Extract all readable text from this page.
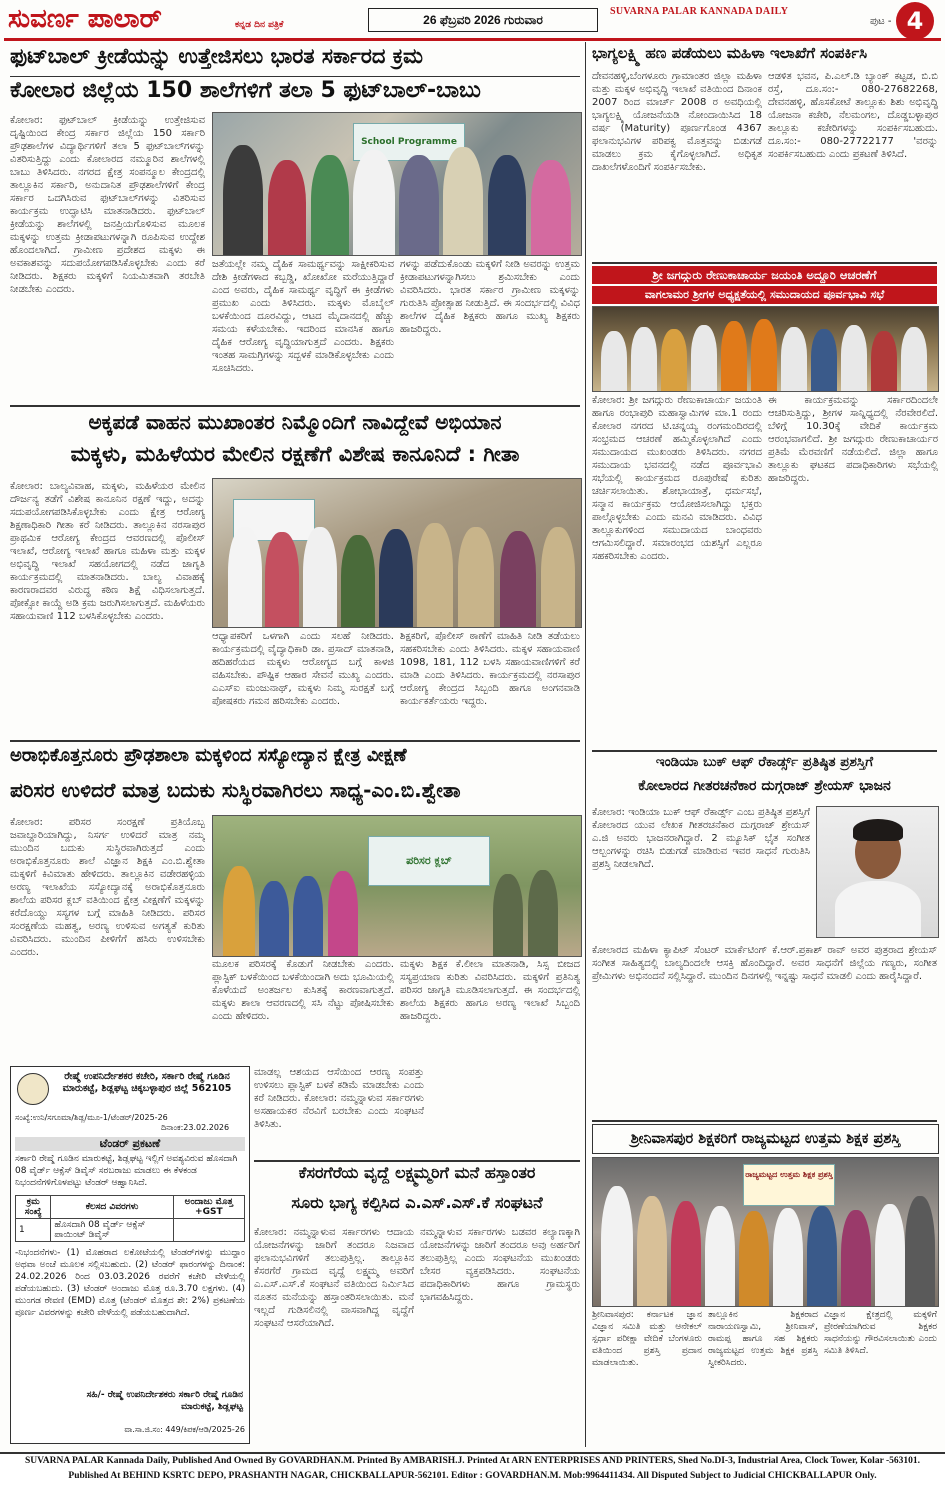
ಸುವರ್ಣ ಪಾಲಾರ್	ಕನ್ನಡ ದಿನ ಪತ್ರಿಕೆ	26 ಫೆಬ್ರವರಿ 2026 ಗುರುವಾರ
SUVARNA PALAR KANNADA DAILY
ಪುಟ - 4
ಫುಟ್‌ಬಾಲ್ ಕ್ರೀಡೆಯನ್ನು ಉತ್ತೇಜಿಸಲು ಭಾರತ ಸರ್ಕಾರದ ಕ್ರಮ
ಕೋಲಾರ ಜಿಲ್ಲೆಯ 150 ಶಾಲೆಗಳಿಗೆ ತಲಾ 5 ಫುಟ್‌ಬಾಲ್-ಬಾಬು
ಕೋಲಾರ: ಫುಟ್‌ಬಾಲ್ ಕ್ರೀಡೆಯನ್ನು ಉತ್ತೇಜಿಸುವ ದೃಷ್ಟಿಯಿಂದ ಕೇಂದ್ರ ಸರ್ಕಾರ ಜಿಲ್ಲೆಯ 150 ಸರ್ಕಾರಿ ಪ್ರೌಢಶಾಲೆಗಳ ವಿದ್ಯಾರ್ಥಿಗಳಿಗೆ ತಲಾ 5 ಫುಟ್‌ಬಾಲ್‌ಗಳನ್ನು ವಿತರಿಸುತ್ತಿದ್ದು ಎಂದು ಕೋಲಾರದ ನಮ್ಮೂರಿನ ಶಾಲೆಗಳಲ್ಲಿ ಬಾಬು ತಿಳಿಸಿದರು. ನಗರದ ಕ್ಷೇತ್ರ ಸಂಪನ್ಮೂಲ ಕೇಂದ್ರದಲ್ಲಿ ತಾಲ್ಲೂಕಿನ ಸರ್ಕಾರಿ, ಅನುದಾನಿತ ಪ್ರೌಢಶಾಲೆಗಳಿಗೆ ಕೇಂದ್ರ ಸರ್ಕಾರ ಒದಗಿಸಿರುವ ಫುಟ್‌ಬಾಲ್‌ಗಳನ್ನು ವಿತರಿಸುವ ಕಾರ್ಯಕ್ರಮ ಉದ್ಘಾಟಿಸಿ ಮಾತನಾಡಿದರು. ಫುಟ್‌ಬಾಲ್ ಕ್ರೀಡೆಯನ್ನು ಶಾಲೆಗಳಲ್ಲಿ ಜನಪ್ರಿಯಗೊಳಿಸುವ ಮೂಲಕ ಮಕ್ಕಳನ್ನು ಉತ್ತಮ ಕ್ರೀಡಾಪಟುಗಳನ್ನಾಗಿ ರೂಪಿಸುವ ಉದ್ದೇಶ ಹೊಂದಲಾಗಿದೆ. ಗ್ರಾಮೀಣ ಪ್ರದೇಶದ ಮಕ್ಕಳು ಈ ಅವಕಾಶವನ್ನು ಸದುಪಯೋಗಪಡಿಸಿಕೊಳ್ಳಬೇಕು ಎಂದು ಕರೆ ನೀಡಿದರು. ಶಿಕ್ಷಕರು ಮಕ್ಕಳಿಗೆ ನಿಯಮಿತವಾಗಿ ತರಬೇತಿ ನೀಡಬೇಕು ಎಂದರು.
School Programme
ಜತೆಯಲ್ಲೇ ನಮ್ಮ ದೈಹಿಕ ಸಾಮರ್ಥ್ಯವನ್ನು ಸಾಕ್ಷೀಕರಿಸುವ ದೇಶಿ ಕ್ರೀಡೆಗಳಾದ ಕಬ್ಬಡ್ಡಿ, ಖೋಖೋ ಮರೆಯುತ್ತಿದ್ದಾರೆ ಎಂದ ಅವರು, ದೈಹಿಕ ಸಾಮರ್ಥ್ಯ ವೃದ್ಧಿಗೆ ಈ ಕ್ರೀಡೆಗಳು ಪ್ರಮುಖ ಎಂದು ತಿಳಿಸಿದರು. ಮಕ್ಕಳು ಮೊಬೈಲ್ ಬಳಕೆಯಿಂದ ದೂರವಿದ್ದು, ಆಟದ ಮೈದಾನದಲ್ಲಿ ಹೆಚ್ಚು ಸಮಯ ಕಳೆಯಬೇಕು. ಇದರಿಂದ ಮಾನಸಿಕ ಹಾಗೂ ದೈಹಿಕ ಆರೋಗ್ಯ ವೃದ್ಧಿಯಾಗುತ್ತದೆ ಎಂದರು. ಶಿಕ್ಷಕರು ಇಂತಹ ಸಾಮಗ್ರಿಗಳನ್ನು ಸದ್ಬಳಕೆ ಮಾಡಿಕೊಳ್ಳಬೇಕು ಎಂದು ಸೂಚಿಸಿದರು.
ಗಳನ್ನು ಪಡೆದುಕೊಂಡು ಮಕ್ಕಳಿಗೆ ನೀಡಿ ಅವರನ್ನು ಉತ್ತಮ ಕ್ರೀಡಾಪಟುಗಳನ್ನಾಗಿಸಲು ಶ್ರಮಿಸಬೇಕು ಎಂದು ವಿವರಿಸಿದರು. ಭಾರತ ಸರ್ಕಾರ ಗ್ರಾಮೀಣ ಮಕ್ಕಳನ್ನು ಗುರುತಿಸಿ ಪ್ರೋತ್ಸಾಹ ನೀಡುತ್ತಿದೆ. ಈ ಸಂದರ್ಭದಲ್ಲಿ ವಿವಿಧ ಶಾಲೆಗಳ ದೈಹಿಕ ಶಿಕ್ಷಕರು ಹಾಗೂ ಮುಖ್ಯ ಶಿಕ್ಷಕರು ಹಾಜರಿದ್ದರು.
ಅಕ್ಕಪಡೆ ವಾಹನ ಮುಖಾಂತರ ನಿಮ್ಮೊಂದಿಗೆ ನಾವಿದ್ದೇವೆ ಅಭಿಯಾನ
ಮಕ್ಕಳು, ಮಹಿಳೆಯರ ಮೇಲಿನ ರಕ್ಷಣೆಗೆ ವಿಶೇಷ ಕಾನೂನಿದೆ : ಗೀತಾ
ಕೋಲಾರ: ಬಾಲ್ಯವಿವಾಹ, ಮಕ್ಕಳು, ಮಹಿಳೆಯರ ಮೇಲಿನ ದೌರ್ಜನ್ಯ ತಡೆಗೆ ವಿಶೇಷ ಕಾನೂನಿನ ರಕ್ಷಣೆ ಇದ್ದು, ಅದನ್ನು ಸದುಪಯೋಗಪಡಿಸಿಕೊಳ್ಳಬೇಕು ಎಂದು ಕ್ಷೇತ್ರ ಆರೋಗ್ಯ ಶಿಕ್ಷಣಾಧಿಕಾರಿ ಗೀತಾ ಕರೆ ನೀಡಿದರು. ತಾಲ್ಲೂಕಿನ ನರಸಾಪುರ ಪ್ರಾಥಮಿಕ ಆರೋಗ್ಯ ಕೇಂದ್ರದ ಆವರಣದಲ್ಲಿ ಪೊಲೀಸ್ ಇಲಾಖೆ, ಆರೋಗ್ಯ ಇಲಾಖೆ ಹಾಗೂ ಮಹಿಳಾ ಮತ್ತು ಮಕ್ಕಳ ಅಭಿವೃದ್ಧಿ ಇಲಾಖೆ ಸಹಯೋಗದಲ್ಲಿ ನಡೆದ ಜಾಗೃತಿ ಕಾರ್ಯಕ್ರಮದಲ್ಲಿ ಮಾತನಾಡಿದರು. ಬಾಲ್ಯ ವಿವಾಹಕ್ಕೆ ಕಾರಣರಾದವರ ವಿರುದ್ಧ ಕಠಿಣ ಶಿಕ್ಷೆ ವಿಧಿಸಲಾಗುತ್ತದೆ. ಪೋಕ್ಸೋ ಕಾಯ್ದೆ ಅಡಿ ಕ್ರಮ ಜರುಗಿಸಲಾಗುತ್ತದೆ. ಮಹಿಳೆಯರು ಸಹಾಯವಾಣಿ 112 ಬಳಸಿಕೊಳ್ಳಬೇಕು ಎಂದರು.
ಆಧ್ಯಾಪಕರಿಗೆ ಒಳಗಾಗಿ ಎಂದು ಸಲಹೆ ನೀಡಿದರು. ಕಾರ್ಯಕ್ರಮದಲ್ಲಿ ವೈದ್ಯಾಧಿಕಾರಿ ಡಾ. ಪ್ರಸಾದ್ ಮಾತನಾಡಿ, ಹದಿಹರೆಯದ ಮಕ್ಕಳು ಆರೋಗ್ಯದ ಬಗ್ಗೆ ಕಾಳಜಿ ವಹಿಸಬೇಕು. ಪೌಷ್ಟಿಕ ಆಹಾರ ಸೇವನೆ ಮುಖ್ಯ ಎಂದರು. ಎಎಸ್‌ಐ ಮಂಜುನಾಥ್, ಮಕ್ಕಳು ನಿಮ್ಮ ಸುರಕ್ಷತೆ ಬಗ್ಗೆ ಪೋಷಕರು ಗಮನ ಹರಿಸಬೇಕು ಎಂದರು.
ಶಿಕ್ಷಕರಿಗೆ, ಪೊಲೀಸ್ ಠಾಣೆಗೆ ಮಾಹಿತಿ ನೀಡಿ ತಡೆಯಲು ಸಹಕರಿಸಬೇಕು ಎಂದು ತಿಳಿಸಿದರು. ಮಕ್ಕಳ ಸಹಾಯವಾಣಿ 1098, 181, 112 ಬಳಸಿ ಸಹಾಯವಾಣಿಗಳಿಗೆ ಕರೆ ಮಾಡಿ ಎಂದು ತಿಳಿಸಿದರು. ಕಾರ್ಯಕ್ರಮದಲ್ಲಿ ನರಸಾಪುರ ಆರೋಗ್ಯ ಕೇಂದ್ರದ ಸಿಬ್ಬಂದಿ ಹಾಗೂ ಅಂಗನವಾಡಿ ಕಾರ್ಯಕರ್ತೆಯರು ಇದ್ದರು.
ಅರಾಭಿಕೊತ್ತನೂರು ಪ್ರೌಢಶಾಲಾ ಮಕ್ಕಳಿಂದ ಸಸ್ಯೋದ್ಯಾನ ಕ್ಷೇತ್ರ ವೀಕ್ಷಣೆ
ಪರಿಸರ ಉಳಿದರೆ ಮಾತ್ರ ಬದುಕು ಸುಸ್ಥಿರವಾಗಿರಲು ಸಾಧ್ಯ-ಎಂ.ಬಿ.ಶ್ವೇತಾ
ಕೋಲಾರ: ಪರಿಸರ ಸಂರಕ್ಷಣೆ ಪ್ರತಿಯೊಬ್ಬ ಜವಾಬ್ದಾರಿಯಾಗಿದ್ದು, ನಿಸರ್ಗ ಉಳಿದರೆ ಮಾತ್ರ ನಮ್ಮ ಮುಂದಿನ ಬದುಕು ಸುಸ್ಥಿರವಾಗಿರುತ್ತದೆ ಎಂದು ಅರಾಭಿಕೊತ್ತನೂರು ಶಾಲೆ ವಿಜ್ಞಾನ ಶಿಕ್ಷಕಿ ಎಂ.ಬಿ.ಶ್ವೇತಾ ಮಕ್ಕಳಿಗೆ ಕಿವಿಮಾತು ಹೇಳಿದರು. ತಾಲ್ಲೂಕಿನ ವಡೇರಹಳ್ಳಿಯ ಅರಣ್ಯ ಇಲಾಖೆಯ ಸಸ್ಯೋದ್ಯಾನಕ್ಕೆ ಅರಾಭಿಕೊತ್ತನೂರು ಶಾಲೆಯ ಪರಿಸರ ಕ್ಲಬ್ ವತಿಯಿಂದ ಕ್ಷೇತ್ರ ವೀಕ್ಷಣೆಗೆ ಮಕ್ಕಳನ್ನು ಕರೆದೊಯ್ದು ಸಸ್ಯಗಳ ಬಗ್ಗೆ ಮಾಹಿತಿ ನೀಡಿದರು. ಪರಿಸರ ಸಂರಕ್ಷಣೆಯ ಮಹತ್ವ, ಅರಣ್ಯ ಉಳಿಸುವ ಅಗತ್ಯತೆ ಕುರಿತು ವಿವರಿಸಿದರು. ಮುಂದಿನ ಪೀಳಿಗೆಗೆ ಹಸಿರು ಉಳಿಸಬೇಕು ಎಂದರು.
ಪರಿಸರ ಕ್ಲಬ್
ಮೂಲಕ ಪರಿಸರಕ್ಕೆ ಕೊಡುಗೆ ನೀಡಬೇಕು ಎಂದರು. ಪ್ಲಾಸ್ಟಿಕ್ ಬಳಕೆಯಿಂದ ಬಳಕೆಯಿಂದಾಗಿ ಅದು ಭೂಮಿಯಲ್ಲಿ ಕೊಳೆಯದೆ ಅಂತರ್ಜಲ ಕುಸಿತಕ್ಕೆ ಕಾರಣವಾಗುತ್ತದೆ. ಮಕ್ಕಳು ಶಾಲಾ ಆವರಣದಲ್ಲಿ ಸಸಿ ನೆಟ್ಟು ಪೋಷಿಸಬೇಕು ಎಂದು ಹೇಳಿದರು.
ಮಕ್ಕಳು ಶಿಕ್ಷಕ ಕೆ.ಲೀಲಾ ಮಾತನಾಡಿ, ಸಿಸ್ಸ ಬೀಜದ ಸಸ್ಯಪ್ರಯಾಣ ಕುರಿತು ವಿವರಿಸಿದರು. ಮಕ್ಕಳಿಗೆ ಪ್ರತಿನಿತ್ಯ ಪರಿಸರ ಜಾಗೃತಿ ಮೂಡಿಸಲಾಗುತ್ತದೆ. ಈ ಸಂದರ್ಭದಲ್ಲಿ ಶಾಲೆಯ ಶಿಕ್ಷಕರು ಹಾಗೂ ಅರಣ್ಯ ಇಲಾಖೆ ಸಿಬ್ಬಂದಿ ಹಾಜರಿದ್ದರು.
ರೇಷ್ಮೆ ಉಪನಿರ್ದೇಶಕರ ಕಚೇರಿ, ಸರ್ಕಾರಿ ರೇಷ್ಮೆ ಗೂಡಿನ ಮಾರುಕಟ್ಟೆ, ಶಿಡ್ಲಘಟ್ಟ ಚಿಕ್ಕಬಳ್ಳಾಪುರ ಜಿಲ್ಲೆ 562105
ಸಂಖ್ಯೆ:ಉನಿ/ಸಗೂಮಾ/ಶಿಡ್ಲ/ಮೂ-1/ಟೆಂಡ‌ರ್/2025-26
ದಿನಾಂಕ:23.02.2026
ಟೆಂಡರ್ ಪ್ರಕಟಣೆ
ಸರ್ಕಾರಿ ರೇಷ್ಮೆ ಗೂಡಿನ ಮಾರುಕಟ್ಟೆ, ಶಿಡ್ಲಘಟ್ಟ ಇಲ್ಲಿಗೆ ಅವಶ್ಯವಿರುವ ಹೊಸದಾಗಿ 08 ವೈರ್ಡ್ ಆಕ್ಸೆಸ್ ಡಿವೈಸ್ ಸರಬರಾಜು ಮಾಡಲು ಈ ಕೆಳಕಂಡ ನಿಭಂದನೆಗಳಿಗೊಳಪಟ್ಟು ಟೆಂಡರ್ ಆಹ್ವಾನಿಸಿದೆ.
ಕ್ರಮ ಸಂಖ್ಯೆ	ಕೆಲಸದ ವಿವರಗಳು	ಅಂದಾಜು ಮೊತ್ತ +GST
1	ಹೊಸದಾಗಿ 08 ವೈರ್ಡ್ ಆಕ್ಸೆಸ್ ಪಾಯಿಂಟ್ ಡಿವೈಸ್	
-ನಿಭಂದನೆಗಳು- (1) ಮೊಹರಾದ ಲಕೋಟೆಯಲ್ಲಿ ಟೆಂಡರ್‌ಗಳನ್ನು ಮುದ್ದಾಂ ಅಥವಾ ಅಂಚೆ ಮೂಲಕ ಸಲ್ಲಿಸಬಹುದು. (2) ಟೆಂಡರ್ ಫಾರಂಗಳನ್ನು ದಿನಾಂಕ: 24.02.2026 ರಿಂದ 03.03.2026 ರವರೆಗೆ ಕಚೇರಿ ವೇಳೆಯಲ್ಲಿ ಪಡೆಯಬಹುದು. (3) ಟೆಂಡರ್ ಅಂದಾಜು ಮೊತ್ತ ರೂ.3.70 ಲಕ್ಷಗಳು. (4) ಮುಂಗಡ ಠೇವಣಿ (EMD) ಮೊತ್ತ (ಟೆಂಡರ್ ಮೊತ್ತದ ಶೇ: 2%) ಪ್ರಕಟಣೆಯ ಪೂರ್ಣ ವಿವರಗಳನ್ನು ಕಚೇರಿ ವೇಳೆಯಲ್ಲಿ ಪಡೆಯಬಹುದಾಗಿದೆ.
ಸಹಿ/- ರೇಷ್ಮೆ ಉಪನಿರ್ದೇಶಕರು ಸರ್ಕಾರಿ ರೇಷ್ಮೆ ಗೂಡಿನ ಮಾರುಕಟ್ಟೆ, ಶಿಡ್ಲಘಟ್ಟ
ವಾ.ಸಾ.ಜಿ.ಸಂ: 449/ಕಿಪಕ/ಆಡಿ/2025-26
ಮಾಡಲ್ಲ ಆಶಯದ ಆಸೆಯಿಂದ ಆರಣ್ಯ ಸಂಪತ್ತು ಉಳಿಸಲು ಪ್ಲಾಸ್ಟಿಕ್ ಬಳಕೆ ಕಡಿಮೆ ಮಾಡಬೇಕು ಎಂದು ಕರೆ ನೀಡಿದರು. ಕೋಲಾರ: ನಮ್ಮನ್ನಾಳುವ ಸರ್ಕಾರಗಳು ಅಸಹಾಯಕರ ನೆರವಿಗೆ ಬರಬೇಕು ಎಂದು ಸಂಘಟನೆ ತಿಳಿಸಿತು.
ಕೆಸರಗೆರೆಯ ವೃದ್ದೆ ಲಕ್ಷ್ಮಮ್ಮರಿಗೆ ಮನೆ ಹಸ್ತಾಂತರ
ಸೂರು ಭಾಗ್ಯ ಕಲ್ಪಿಸಿದ ಎ.ಎಸ್.ಎಸ್.ಕೆ ಸಂಘಟನೆ
ಕೋಲಾರ: ನಮ್ಮನ್ನಾಳುವ ಸರ್ಕಾರಗಳು ಆದಾಯ ಯೋಜನೆಗಳನ್ನು ಜಾರಿಗೆ ತಂದರೂ ನಿಜವಾದ ಫಲಾನುಭವಿಗಳಿಗೆ ತಲುಪುತ್ತಿಲ್ಲ. ತಾಲ್ಲೂಕಿನ ಕೆಸರಗೆರೆ ಗ್ರಾಮದ ವೃದ್ದೆ ಲಕ್ಷ್ಮಮ್ಮ ಅವರಿಗೆ ಎ.ಎಸ್.ಎಸ್.ಕೆ ಸಂಘಟನೆ ವತಿಯಿಂದ ನಿರ್ಮಿಸಿದ ನೂತನ ಮನೆಯನ್ನು ಹಸ್ತಾಂತರಿಸಲಾಯಿತು. ಮನೆ ಇಲ್ಲದೆ ಗುಡಿಸಲಿನಲ್ಲಿ ವಾಸವಾಗಿದ್ದ ವೃದ್ದೆಗೆ ಸಂಘಟನೆ ಆಸರೆಯಾಗಿದೆ.
ನಮ್ಮನ್ನಾಳುವ ಸರ್ಕಾರಗಳು ಬಡವರ ಕಲ್ಯಾಣಕ್ಕಾಗಿ ಯೋಜನೆಗಳನ್ನು ಜಾರಿಗೆ ತಂದರೂ ಅವು ಅರ್ಹರಿಗೆ ತಲುಪುತ್ತಿಲ್ಲ ಎಂದು ಸಂಘಟನೆಯ ಮುಖಂಡರು ಬೇಸರ ವ್ಯಕ್ತಪಡಿಸಿದರು. ಸಂಘಟನೆಯ ಪದಾಧಿಕಾರಿಗಳು ಹಾಗೂ ಗ್ರಾಮಸ್ಥರು ಭಾಗವಹಿಸಿದ್ದರು.
ಭಾಗ್ಯಲಕ್ಷ್ಮಿ ಹಣ ಪಡೆಯಲು ಮಹಿಳಾ ಇಲಾಖೆಗೆ ಸಂಪರ್ಕಿಸಿ
ದೇವನಹಳ್ಳಿ,ಬೆಂಗಳೂರು ಗ್ರಾಮಾಂತರ ಜಿಲ್ಲಾ ಮಹಿಳಾ ಮತ್ತು ಮಕ್ಕಳ ಅಭಿವೃದ್ಧಿ ಇಲಾಖೆ ವತಿಯಿಂದ ದಿನಾಂಕ 2007 ರಿಂದ ಮಾರ್ಚ್ 2008 ರ ಅವಧಿಯಲ್ಲಿ ಭಾಗ್ಯಲಕ್ಷ್ಮಿ ಯೋಜನೆಯಡಿ ನೋಂದಾಯಿಸಿದ 18 ವರ್ಷ (Maturity) ಪೂರ್ಣಗೊಂಡ 4367 ಫಲಾನುಭವಿಗಳ ಪರಿಪಕ್ವ ಮೊತ್ತವನ್ನು ಬಿಡುಗಡೆ ಮಾಡಲು ಕ್ರಮ ಕೈಗೊಳ್ಳಲಾಗಿದೆ. ಅಧಿಕೃತ ದಾಖಲೆಗಳೊಂದಿಗೆ ಸಂಪರ್ಕಿಸಬೇಕು.
ಆಡಳಿತ ಭವನ, ಪಿ.ಎಲ್.ಡಿ ಬ್ಯಾಂಕ್ ಕಟ್ಟಡ, ಬಿ.ಬಿ ರಸ್ತೆ, ದೂ.ಸಂ:- 080-27682268, ದೇವನಹಳ್ಳಿ, ಹೊಸಕೋಟೆ ತಾಲ್ಲೂಕು ಶಿಶು ಅಭಿವೃದ್ಧಿ ಯೋಜನಾ ಕಚೇರಿ, ನೆಲಮಂಗಲ, ದೊಡ್ಡಬಳ್ಳಾಪುರ ತಾಲ್ಲೂಕು ಕಚೇರಿಗಳನ್ನು ಸಂಪರ್ಕಿಸಬಹುದು. ದೂ.ಸಂ:- 080-27722177 'ವರನ್ನು ಸಂಪರ್ಕಿಸಬಹುದು ಎಂದು ಪ್ರಕಟಣೆ ತಿಳಿಸಿದೆ.
ಶ್ರೀ ಜಗದ್ಗುರು ರೇಣುಕಾಚಾರ್ಯ ಜಯಂತಿ ಅದ್ದೂರಿ ಆಚರಣೆಗೆ
ವಾಗಲಾಮರ ಶ್ರೀಗಳ ಅಧ್ಯಕ್ಷತೆಯಲ್ಲಿ ಸಮುದಾಯದ ಪೂರ್ವಭಾವಿ ಸಭೆ
ಕೋಲಾರ: ಶ್ರೀ ಜಗದ್ಗುರು ರೇಣುಕಾಚಾರ್ಯ ಜಯಂತಿ ಹಾಗೂ ರಂಭಾಪುರಿ ಮಹಾಸ್ವಾಮಿಗಳ ಮಾ.1 ರಂದು ಕೋಲಾರ ನಗರದ ಟಿ.ಚನ್ನಯ್ಯ ರಂಗಮಂದಿರದಲ್ಲಿ ಸಂಭ್ರಮದ ಆಚರಣೆ ಹಮ್ಮಿಕೊಳ್ಳಲಾಗಿದೆ ಎಂದು ಸಮುದಾಯದ ಮುಖಂಡರು ತಿಳಿಸಿದರು. ನಗರದ ಸಮುದಾಯ ಭವನದಲ್ಲಿ ನಡೆದ ಪೂರ್ವಭಾವಿ ಸಭೆಯಲ್ಲಿ ಕಾರ್ಯಕ್ರಮದ ರೂಪುರೇಷೆ ಕುರಿತು ಚರ್ಚಿಸಲಾಯಿತು. ಶೋಭಾಯಾತ್ರೆ, ಧರ್ಮಸಭೆ, ಸನ್ಮಾನ ಕಾರ್ಯಕ್ರಮ ಆಯೋಜಿಸಲಾಗಿದ್ದು ಭಕ್ತರು ಪಾಲ್ಗೊಳ್ಳಬೇಕು ಎಂದು ಮನವಿ ಮಾಡಿದರು. ವಿವಿಧ ತಾಲ್ಲೂಕುಗಳಿಂದ ಸಮುದಾಯದ ಬಾಂಧವರು ಆಗಮಿಸಲಿದ್ದಾರೆ. ಸಮಾರಂಭದ ಯಶಸ್ಸಿಗೆ ಎಲ್ಲರೂ ಸಹಕರಿಸಬೇಕು ಎಂದರು.
ಈ ಕಾರ್ಯಕ್ರಮವನ್ನು ಸರ್ಕಾರದಿಂದಲೇ ಆಚರಿಸುತ್ತಿದ್ದು, ಶ್ರೀಗಳ ಸಾನ್ನಿಧ್ಯದಲ್ಲಿ ನೆರವೇರಲಿದೆ. ಬೆಳಿಗ್ಗೆ 10.30ಕ್ಕೆ ವೇದಿಕೆ ಕಾರ್ಯಕ್ರಮ ಆರಂಭವಾಗಲಿದೆ. ಶ್ರೀ ಜಗದ್ಗುರು ರೇಣುಕಾಚಾರ್ಯರ ಪ್ರತಿಮೆ ಮೆರವಣಿಗೆ ನಡೆಯಲಿದೆ. ಜಿಲ್ಲಾ ಹಾಗೂ ತಾಲ್ಲೂಕು ಘಟಕದ ಪದಾಧಿಕಾರಿಗಳು ಸಭೆಯಲ್ಲಿ ಹಾಜರಿದ್ದರು.
ಇಂಡಿಯಾ ಬುಕ್ ಆಫ್ ರೆಕಾರ್ಡ್ಸ್ ಪ್ರತಿಷ್ಠಿತ ಪ್ರಶಸ್ತಿಗೆ
ಕೋಲಾರದ ಗೀತರಚನೆಕಾರ ದುಗ್ಗರಾಜ್ ಶ್ರೇಯಸ್ ಭಾಜನ
ಕೋಲಾರ: ಇಂಡಿಯಾ ಬುಕ್ ಆಫ್ ರೆಕಾರ್ಡ್ಸ್ ಎಂಬ ಪ್ರತಿಷ್ಠಿತ ಪ್ರಶಸ್ತಿಗೆ ಕೋಲಾರದ ಯುವ ಲೇಖಕ ಗೀತರಚನೆಕಾರ ದುಗ್ಗರಾಜ್ ಶ್ರೇಯಸ್ ಎ.ಜಿ ಅವರು ಭಾಜನರಾಗಿದ್ದಾರೆ. 2 ಮ್ಯೂಸಿಕ್ ಭೈತ ಸಂಗೀತ ಆಲ್ಬಂಗಳನ್ನು ರಚಿಸಿ ಬಿಡುಗಡೆ ಮಾಡಿರುವ ಇವರ ಸಾಧನೆ ಗುರುತಿಸಿ ಪ್ರಶಸ್ತಿ ನೀಡಲಾಗಿದೆ.
ಕೋಲಾರದ ಮಹಿಳಾ ಕ್ಯಾಪಿಟ್ ಸೆಂಟರ್ ಮಾರ್ಕೆಟಿಂಗ್ ಕೆ.ಆರ್.ಪ್ರಕಾಶ್ ರಾವ್ ಅವರ ಪುತ್ರರಾದ ಶ್ರೇಯಸ್ ಸಂಗೀತ ಸಾಹಿತ್ಯದಲ್ಲಿ ಬಾಲ್ಯದಿಂದಲೇ ಆಸಕ್ತಿ ಹೊಂದಿದ್ದಾರೆ. ಅವರ ಸಾಧನೆಗೆ ಜಿಲ್ಲೆಯ ಗಣ್ಯರು, ಸಂಗೀತ ಪ್ರೇಮಿಗಳು ಅಭಿನಂದನೆ ಸಲ್ಲಿಸಿದ್ದಾರೆ. ಮುಂದಿನ ದಿನಗಳಲ್ಲಿ ಇನ್ನಷ್ಟು ಸಾಧನೆ ಮಾಡಲಿ ಎಂದು ಹಾರೈಸಿದ್ದಾರೆ.
ಶ್ರೀನಿವಾಸಪುರ ಶಿಕ್ಷಕರಿಗೆ ರಾಜ್ಯಮಟ್ಟದ ಉತ್ತಮ ಶಿಕ್ಷಕ ಪ್ರಶಸ್ತಿ
ರಾಜ್ಯಮಟ್ಟದ ಉತ್ತಮ ಶಿಕ್ಷಕ ಪ್ರಶಸ್ತಿ
ಶ್ರೀನಿವಾಸಪುರ: ಕರ್ನಾಟಕ ಜ್ಞಾನ ವಿಜ್ಞಾನ ಸಮಿತಿ ಮತ್ತು ಆನೇಕಲ್ ಸ್ಪರ್ಧಾ ಪರೀಕ್ಷಾ ವೇದಿಕೆ ಬೆಂಗಳೂರು ವತಿಯಿಂದ ಪ್ರಶಸ್ತಿ ಪ್ರದಾನ ಮಾಡಲಾಯಿತು.
ತಾಲ್ಲೂಕಿನ ಶಿಕ್ಷಕರಾದ ನಾರಾಯಣಸ್ವಾಮಿ, ಶ್ರೀನಿವಾಸ್, ರಾಮಪ್ಪ ಹಾಗೂ ಸಹ ಶಿಕ್ಷಕರು ರಾಜ್ಯಮಟ್ಟದ ಉತ್ತಮ ಶಿಕ್ಷಕ ಪ್ರಶಸ್ತಿ ಸ್ವೀಕರಿಸಿದರು.
ವಿಜ್ಞಾನ ಕ್ಷೇತ್ರದಲ್ಲಿ ಮಕ್ಕಳಿಗೆ ಪ್ರೇರಣೆಯಾಗಿರುವ ಶಿಕ್ಷಕರ ಸಾಧನೆಯನ್ನು ಗೌರವಿಸಲಾಯಿತು ಎಂದು ಸಮಿತಿ ತಿಳಿಸಿದೆ.
SUVARNA PALAR Kannada Daily, Published And Owned By GOVARDHAN.M. Printed By AMBARISH.J. Printed At ARN ENTERPRISES AND PRINTERS, Shed No.DI-3, Industrial Area, Clock Tower, Kolar -563101.
Published At BEHIND KSRTC DEPO, PRASHANTH NAGAR, CHICKBALLAPUR-562101. Editor : GOVARDHAN.M. Mob:9964411434. All Disputed Subject to Judicial CHICKBALLAPUR Only.
